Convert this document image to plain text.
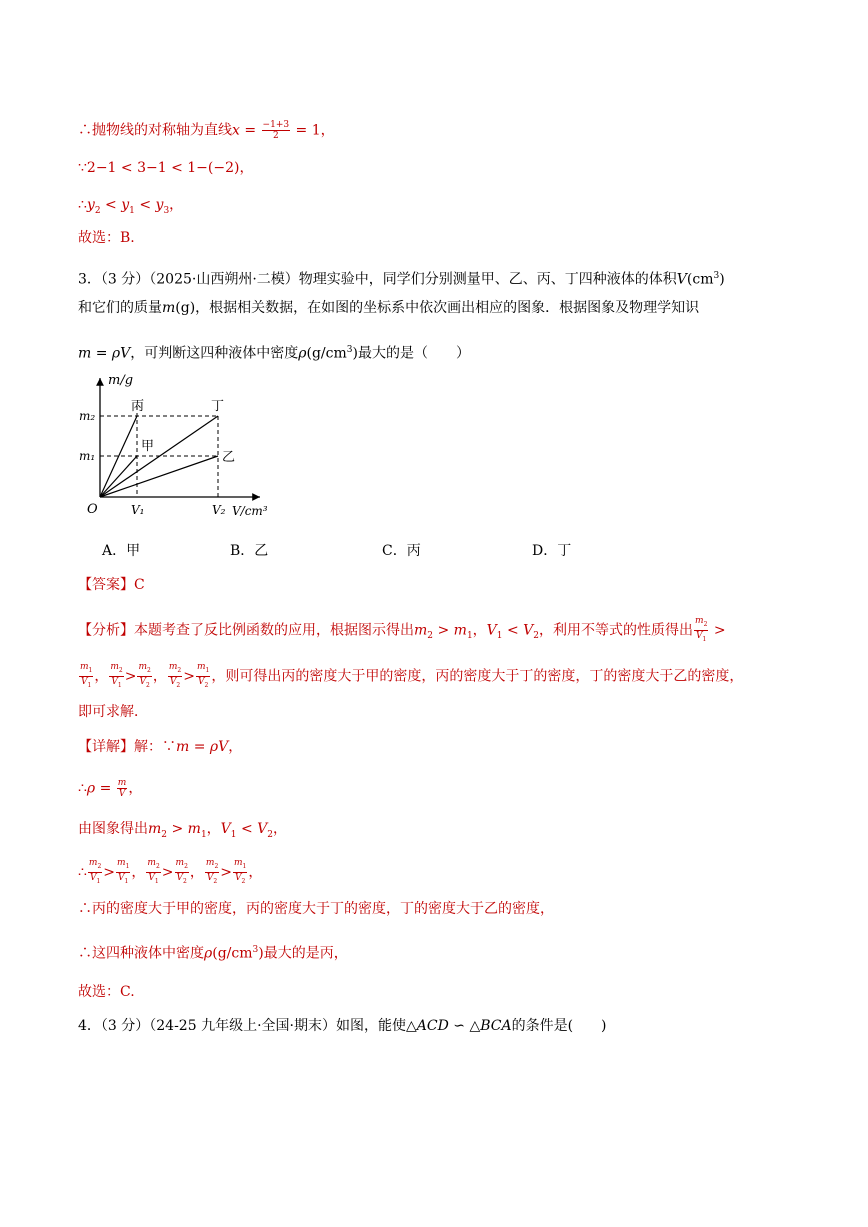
∴抛物线的对称轴为直线$x = \frac{-1+3}{2} = 1$，
∵2−1 < 3−1 < 1−(−2)，
$\therefore y_2 < y_1 < y_3$，
故选：B.
3．（3 分）（2025·山西朔州·二模）物理实验中，同学们分别测量甲、乙、丙、丁四种液体的体积$V(cm^3)$
和它们的质量m(g)，根据相关数据，在如图的坐标系中依次画出相应的图象．根据图象及物理学知识
m = ρV，可判断这四种液体中密度$\rho(g/cm^3)$最大的是（　　）
m/g
V/cm³
O
m₂
m₁
V₁	V₂
丙
甲
丁
乙
A．甲	B．乙	C．丙	D．丁
【答案】C
【分析】本题考查了反比例函数的应用，根据图示得出$m_2 > m_1$，$V_1 < V_2$，利用不等式的性质得出 $\frac{m_2}{V_1}$ >
$\frac{m_1}{V_1}$ ， $\frac{m_2}{V_1} > \frac{m_2}{V_2}$ ， $\frac{m_2}{V_2} > \frac{m_1}{V_2}$ ，则可得出丙的密度大于甲的密度，丙的密度大于丁的密度，丁的密度大于乙的密度，
即可求解．
【详解】解：∵m = ρV，
∴ρ = $\frac{m}{V}$ ，
由图象得出$m_2 > m_1$，$V_1 < V_2$，
∴ $\frac{m_2}{V_1} > \frac{m_1}{V_1}$ ， $\frac{m_2}{V_1} > \frac{m_2}{V_2}$ ， $\frac{m_2}{V_2} > \frac{m_1}{V_2}$ ，
∴丙的密度大于甲的密度，丙的密度大于丁的密度，丁的密度大于乙的密度，
∴这四种液体中密度$\rho(g/cm^3)$最大的是丙，
故选：C.
4．（3 分）（24-25 九年级上·全国·期末）如图，能使△ACD ∽ △BCA的条件是(　　)
